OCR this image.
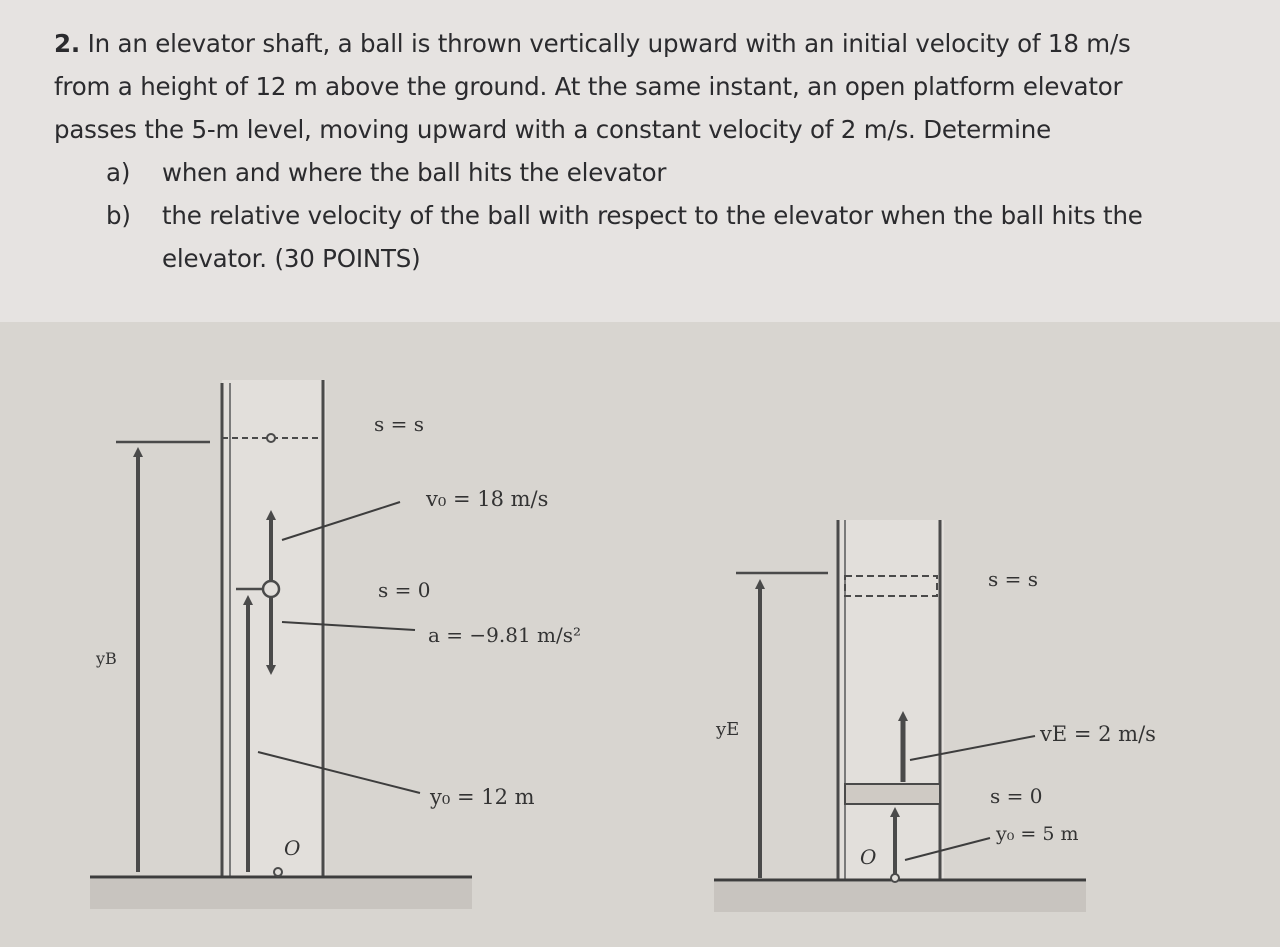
2. In an elevator shaft, a ball is thrown vertically upward with an initial velocity of 18 m/s
from a height of 12 m above the ground. At the same instant, an open platform elevator
passes the 5-m level, moving upward with a constant velocity of 2 m/s. Determine
a)	when and where the ball hits the elevator
b)	the relative velocity of the ball with respect to the elevator when the ball hits the
elevator. (30 POINTS)
s = s
v₀ = 18 m/s
s = 0
a = −9.81 m/s²
yB
y₀ = 12 m
O
s = s
yE	vE = 2 m/s
s = 0
y₀ = 5 m
O
